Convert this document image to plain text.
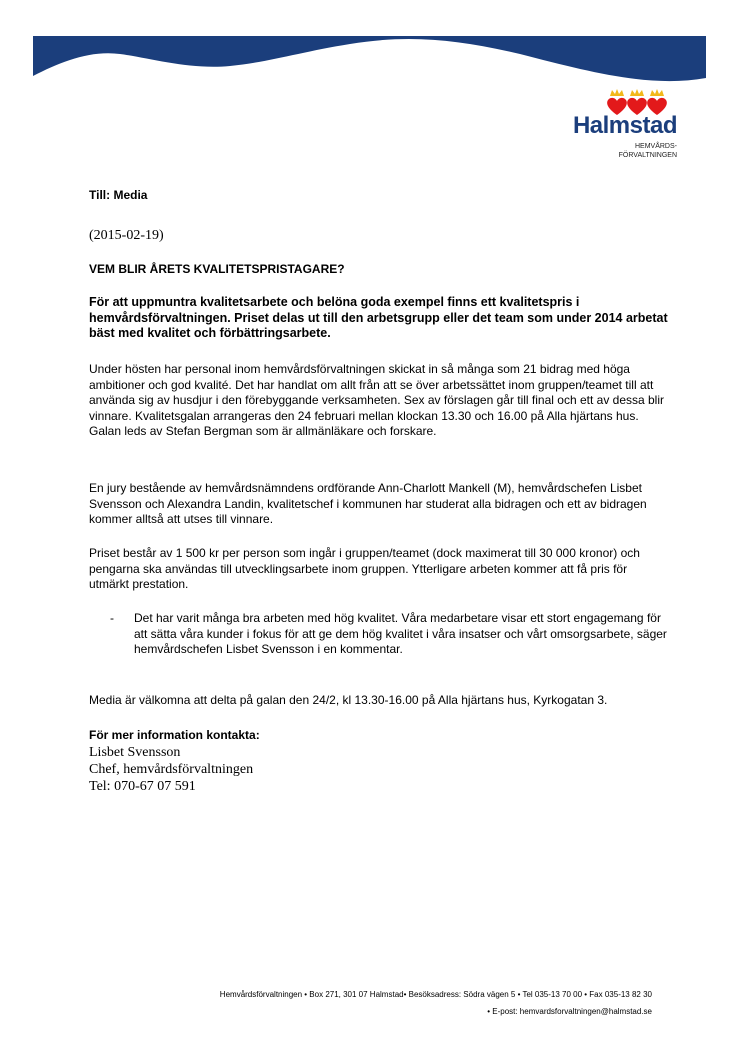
Halmstad
HEMVÅRDS-
FÖRVALTNINGEN
Till: Media
(2015-02-19)
VEM BLIR ÅRETS KVALITETSPRISTAGARE?
För att uppmuntra kvalitetsarbete och belöna goda exempel finns ett kvalitetspris i hemvårdsförvaltningen. Priset delas ut till den arbetsgrupp eller det team som under 2014 arbetat bäst med kvalitet och förbättringsarbete.
Under hösten har personal inom hemvårdsförvaltningen skickat in så många som 21 bidrag med höga ambitioner och god kvalité. Det har handlat om allt från att se över arbetssättet inom gruppen/teamet till att använda sig av husdjur i den förebyggande verksamheten. Sex av förslagen går till final och ett av dessa blir vinnare. Kvalitetsgalan arrangeras den 24 februari mellan klockan 13.30 och 16.00 på Alla hjärtans hus. Galan leds av Stefan Bergman som är allmänläkare och forskare.
En jury bestående av hemvårdsnämndens ordförande Ann-Charlott Mankell (M), hemvårdschefen Lisbet Svensson och Alexandra Landin, kvalitetschef i kommunen har studerat alla bidragen och ett av bidragen kommer alltså att utses till vinnare.
Priset består av 1 500 kr per person som ingår i gruppen/teamet (dock maximerat till 30 000 kronor) och pengarna ska användas till utvecklingsarbete inom gruppen. Ytterligare arbeten kommer att få pris för utmärkt prestation.
-	Det har varit många bra arbeten med hög kvalitet. Våra medarbetare visar ett stort engagemang för att sätta våra kunder i fokus för att ge dem hög kvalitet i våra insatser och vårt omsorgsarbete, säger hemvårdschefen Lisbet Svensson i en kommentar.
Media är välkomna att delta på galan den 24/2, kl 13.30-16.00 på Alla hjärtans hus, Kyrkogatan 3.
För mer information kontakta:
Lisbet Svensson
Chef, hemvårdsförvaltningen
Tel: 070-67 07 591
Hemvårdsförvaltningen • Box 271, 301 07 Halmstad• Besöksadress: Södra vägen 5 • Tel 035-13 70 00 • Fax 035-13 82 30
• E-post: hemvardsforvaltningen@halmstad.se
